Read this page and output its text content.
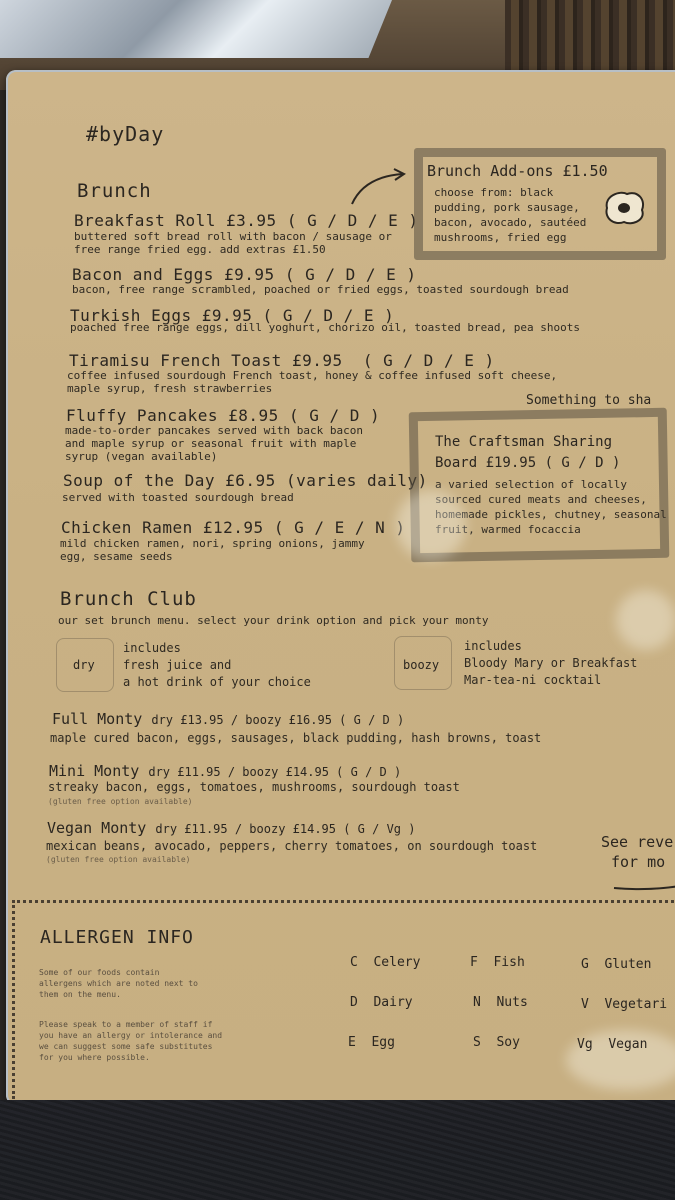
#byDay
Brunch
Breakfast Roll £3.95 ( G / D / E )
buttered soft bread roll with bacon / sausage or
free range fried egg. add extras £1.50
Bacon and Eggs £9.95 ( G / D / E )
bacon, free range scrambled, poached or fried eggs, toasted sourdough bread
Turkish Eggs £9.95 ( G / D / E )
poached free range eggs, dill yoghurt, chorizo oil, toasted bread, pea shoots
Tiramisu French Toast £9.95 ( G / D / E )
coffee infused sourdough French toast, honey & coffee infused soft cheese,
maple syrup, fresh strawberries
Fluffy Pancakes £8.95 ( G / D )
made-to-order pancakes served with back bacon
and maple syrup or seasonal fruit with maple
syrup (vegan available)
Soup of the Day £6.95 (varies daily)
served with toasted sourdough bread
Chicken Ramen £12.95 ( G / E / N )
mild chicken ramen, nori, spring onions, jammy
egg, sesame seeds
Brunch Add-ons £1.50
choose from: black
pudding, pork sausage,
bacon, avocado, sautéed
mushrooms, fried egg
Something to sha
The Craftsman Sharing
Board £19.95 ( G / D )
a varied selection of locally
sourced cured meats and cheeses,
homemade pickles, chutney, seasonal
fruit, warmed focaccia
Brunch Club
our set brunch menu. select your drink option and pick your monty
dry
includes
fresh juice and
a hot drink of your choice
boozy
includes
Bloody Mary or Breakfast
Mar-tea-ni cocktail
Full Monty dry £13.95 / boozy £16.95 ( G / D )
maple cured bacon, eggs, sausages, black pudding, hash browns, toast
Mini Monty dry £11.95 / boozy £14.95 ( G / D )
streaky bacon, eggs, tomatoes, mushrooms, sourdough toast
(gluten free option available)
Vegan Monty dry £11.95 / boozy £14.95 ( G / Vg )
mexican beans, avocado, peppers, cherry tomatoes, on sourdough toast
(gluten free option available)
See reve
for mo
ALLERGEN INFO
Some of our foods contain
allergens which are noted next to
them on the menu.
Please speak to a member of staff if
you have an allergy or intolerance and
we can suggest some safe substitutes
for you where possible.
C Celery	F Fish	G Gluten
D Dairy	N Nuts	V Vegetari
E Egg	S Soy	Vg Vegan
